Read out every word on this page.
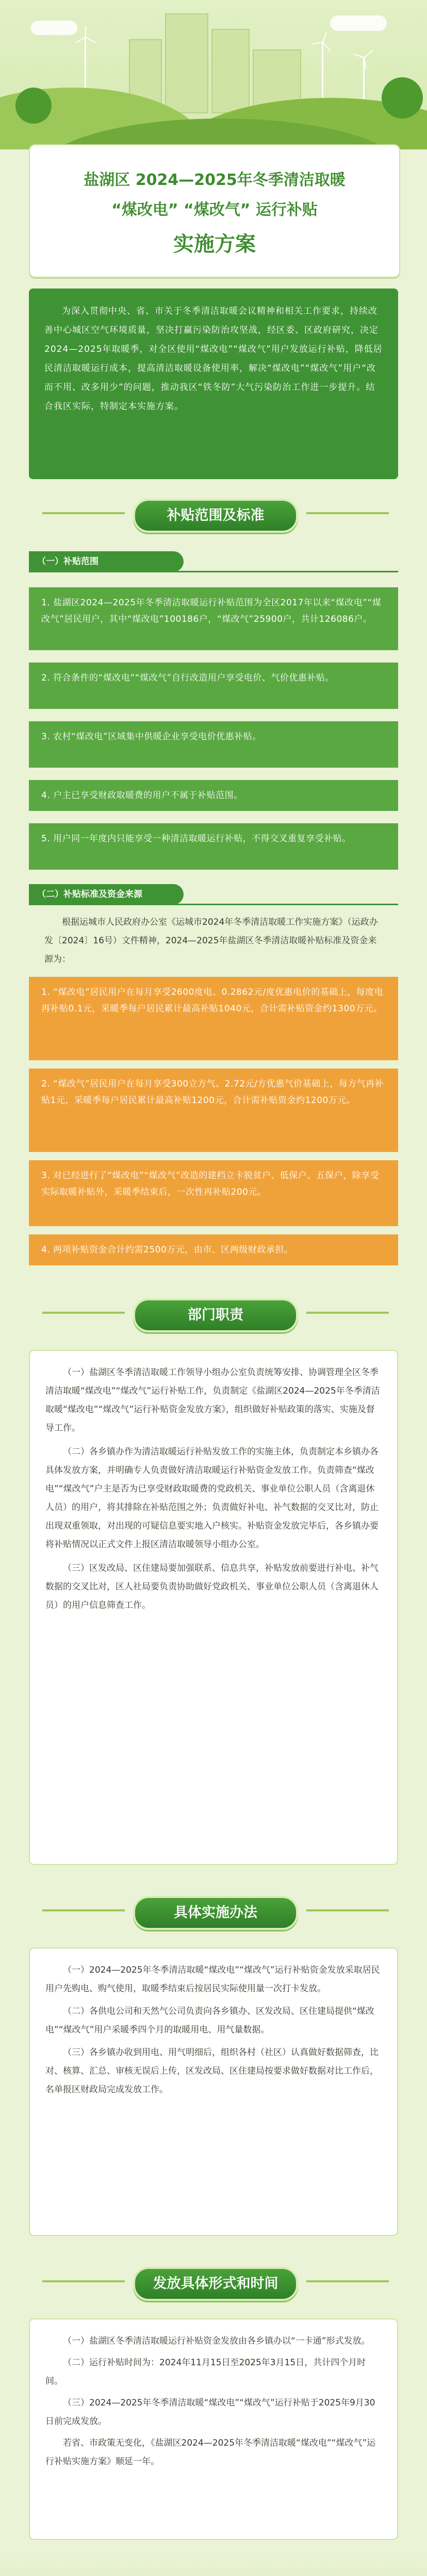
盐湖区 2024—2025年冬季清洁取暖
“煤改电” “煤改气” 运行补贴
实施方案
为深入贯彻中央、省、市关于冬季清洁取暖会议精神和相关工作要求，持续改善中心城区空气环境质量，坚决打赢污染防治攻坚战，经区委、区政府研究，决定2024—2025年取暖季，对全区使用“煤改电”“煤改气”用户发放运行补贴，降低居民清洁取暖运行成本，提高清洁取暖设备使用率，解决“煤改电”“煤改气”用户“改而不用、改多用少”的问题，推动我区“铁冬防”大气污染防治工作进一步提升。结合我区实际，特制定本实施方案。
补贴范围及标准
（一）补贴范围
1. 盐湖区2024—2025年冬季清洁取暖运行补贴范围为全区2017年以来“煤改电”“煤改气”居民用户，其中“煤改电”100186户，“煤改气”25900户，共计126086户。
2. 符合条件的“煤改电”“煤改气”自行改造用户享受电价、气价优惠补贴。
3. 农村“煤改电”区域集中供暖企业享受电价优惠补贴。
4. 户主已享受财政取暖费的用户不属于补贴范围。
5. 用户同一年度内只能享受一种清洁取暖运行补贴，不得交叉重复享受补贴。
（二）补贴标准及资金来源
根据运城市人民政府办公室《运城市2024年冬季清洁取暖工作实施方案》（运政办发〔2024〕16号）文件精神，2024—2025年盐湖区冬季清洁取暖补贴标准及资金来源为：
1. “煤改电”居民用户在每月享受2600度电、0.2862元/度优惠电价的基础上，每度电再补贴0.1元，采暖季每户居民累计最高补贴1040元，合计需补贴资金约1300万元。
2. “煤改气”居民用户在每月享受300立方气、2.72元/方优惠气价基础上，每方气再补贴1元，采暖季每户居民累计最高补贴1200元，合计需补贴资金约1200万元。
3. 对已经进行了“煤改电”“煤改气”改造的建档立卡脱贫户、低保户、五保户，除享受实际取暖补贴外，采暖季结束后，一次性再补贴200元。
4. 两项补贴资金合计约需2500万元，由市、区两级财政承担。
部门职责
（一）盐湖区冬季清洁取暖工作领导小组办公室负责统筹安排、协调管理全区冬季清洁取暖“煤改电”“煤改气”运行补贴工作，负责制定《盐湖区2024—2025年冬季清洁取暖“煤改电”“煤改气”运行补贴资金发放方案》，组织做好补贴政策的落实、实施及督导工作。
（二）各乡镇办作为清洁取暖运行补贴发放工作的实施主体，负责制定本乡镇办各具体发放方案，并明确专人负责做好清洁取暖运行补贴资金发放工作。负责筛查“煤改电”“煤改气”户主是否为已享受财政取暖费的党政机关、事业单位公职人员（含离退休人员）的用户，将其排除在补贴范围之外；负责做好补电、补气数据的交叉比对，防止出现双重领取，对出现的可疑信息要实地入户核实。补贴资金发放完毕后，各乡镇办要将补贴情况以正式文件上报区清洁取暖领导小组办公室。
（三）区发改局、区住建局要加强联系、信息共享，补贴发放前要进行补电、补气数据的交叉比对，区人社局要负责协助做好党政机关、事业单位公职人员（含离退休人员）的用户信息筛查工作。
具体实施办法
（一）2024—2025年冬季清洁取暖“煤改电”“煤改气”运行补贴资金发放采取居民用户先购电、购气使用，取暖季结束后按居民实际使用量一次打卡发放。
（二）各供电公司和天然气公司负责向各乡镇办、区发改局、区住建局提供“煤改电”“煤改气”用户采暖季四个月的取暖用电、用气量数据。
（三）各乡镇办收到用电、用气明细后，组织各村（社区）认真做好数据筛查，比对、核算、汇总、审核无误后上传，区发改局、区住建局按要求做好数据对比工作后，名单报区财政局完成发放工作。
发放具体形式和时间
（一）盐湖区冬季清洁取暖运行补贴资金发放由各乡镇办以“一卡通”形式发放。
（二）运行补贴时间为：2024年11月15日至2025年3月15日，共计四个月时间。
（三）2024—2025年冬季清洁取暖“煤改电”“煤改气”运行补贴于2025年9月30日前完成发放。
若省、市政策无变化，《盐湖区2024—2025年冬季清洁取暖“煤改电”“煤改气”运行补贴实施方案》顺延一年。
